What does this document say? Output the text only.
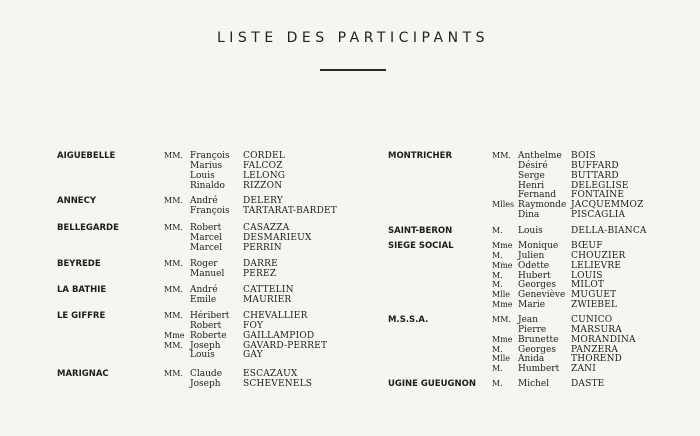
LISTE DES PARTICIPANTS
AIGUEBELLE	MM. François CORDEL
Marius FALCOZ
Louis	LELONG
Rinaldo RIZZON
ANNECY	MM. André	DELERY
François TARTARAT-BARDET
BELLEGARDE	MM. Robert CASAZZA
Marcel DESMARIEUX
Marcel PERRIN
BEYREDE	MM. Roger	DARRE
Manuel PEREZ
LA BATHIE	MM. André	CATTELIN
Emile	MAURIER
LE GIFFRE	MM. Héribert CHEVALLIER
Robert FOY
Mme Roberte GAILLAMPIOD
MM. Joseph GAVARD-PERRET
Louis	GAY
MARIGNAC	MM. Claude ESCAZAUX
Joseph SCHEVENELS
MONTRICHER	MM. Anthelme BOIS
Désiré	BUFFARD
Serge	BUTTARD
Henri	DELEGLISE
Fernand FONTAINE
Mlles Raymonde JACQUEMMOZ
Dina	PISCAGLIA
SAINT-BERON	M. Louis	DELLA-BIANCA
SIEGE SOCIAL	Mme Monique BŒUF
M. Julien	CHOUZIER
Mme Odette LELIEVRE
M. Hubert LOUIS
M. Georges MILOT
Mlle Geneviève MUGUET
Mme Marie	ZWIEBEL
M.S.S.A.	MM. Jean	CUNICO
Pierre	MARSURA
Mme Brunette MORANDINA
M. Georges PANZERA
Mlle Anida	THOREND
M. Humbert ZANI
UGINE GUEUGNON M. Michel DASTE
